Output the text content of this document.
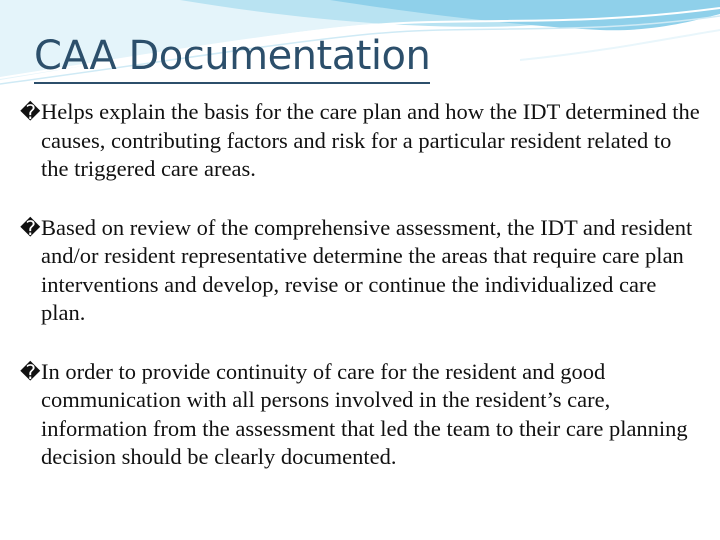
CAA Documentation
� Helps explain the basis for the care plan and how the IDT determined the causes, contributing factors and risk for a particular resident related to the triggered care areas.
� Based on review of the comprehensive assessment, the IDT and resident and/or resident representative determine the areas that require care plan interventions and develop, revise or continue the individualized care plan.
� In order to provide continuity of care for the resident and good communication with all persons involved in the resident’s care, information from the assessment that led the team to their care planning decision should be clearly documented.
